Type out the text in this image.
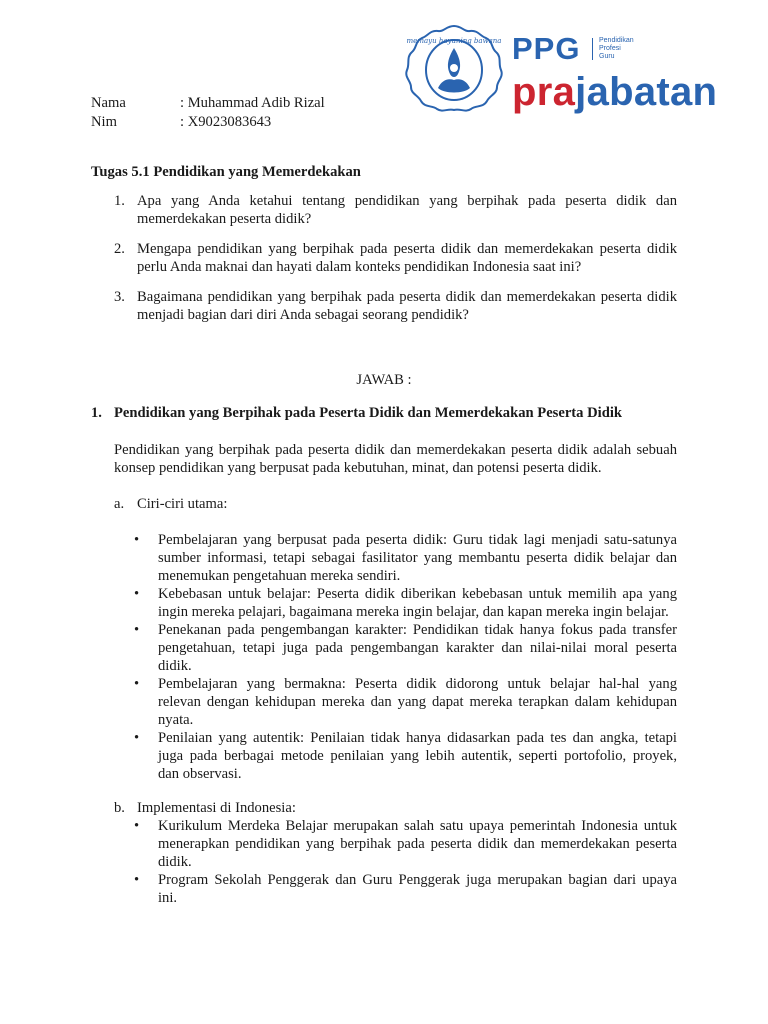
memayu hayuning bawana PPG	Pendidikan
Profesi
Guru
prajabatan
Nama	: Muhammad Adib Rizal
Nim	: X9023083643
Tugas 5.1 Pendidikan yang Memerdekakan
1. Apa yang Anda ketahui tentang pendidikan yang berpihak pada peserta didik dan
memerdekakan peserta didik?
2. Mengapa pendidikan yang berpihak pada peserta didik dan memerdekakan peserta didik
perlu Anda maknai dan hayati dalam konteks pendidikan Indonesia saat ini?
3. Bagaimana pendidikan yang berpihak pada peserta didik dan memerdekakan peserta didik
menjadi bagian dari diri Anda sebagai seorang pendidik?
JAWAB :
1. Pendidikan yang Berpihak pada Peserta Didik dan Memerdekakan Peserta Didik
Pendidikan yang berpihak pada peserta didik dan memerdekakan peserta didik adalah sebuah
konsep pendidikan yang berpusat pada kebutuhan, minat, dan potensi peserta didik.
a. Ciri-ciri utama:
• Pembelajaran yang berpusat pada peserta didik: Guru tidak lagi menjadi satu-satunya
sumber informasi, tetapi sebagai fasilitator yang membantu peserta didik belajar dan
menemukan pengetahuan mereka sendiri.
• Kebebasan untuk belajar: Peserta didik diberikan kebebasan untuk memilih apa yang
ingin mereka pelajari, bagaimana mereka ingin belajar, dan kapan mereka ingin belajar.
• Penekanan pada pengembangan karakter: Pendidikan tidak hanya fokus pada transfer
pengetahuan, tetapi juga pada pengembangan karakter dan nilai-nilai moral peserta
didik.
• Pembelajaran yang bermakna: Peserta didik didorong untuk belajar hal-hal yang
relevan dengan kehidupan mereka dan yang dapat mereka terapkan dalam kehidupan
nyata.
• Penilaian yang autentik: Penilaian tidak hanya didasarkan pada tes dan angka, tetapi
juga pada berbagai metode penilaian yang lebih autentik, seperti portofolio, proyek,
dan observasi.
b. Implementasi di Indonesia:
• Kurikulum Merdeka Belajar merupakan salah satu upaya pemerintah Indonesia untuk
menerapkan pendidikan yang berpihak pada peserta didik dan memerdekakan peserta
didik.
• Program Sekolah Penggerak dan Guru Penggerak juga merupakan bagian dari upaya
ini.
